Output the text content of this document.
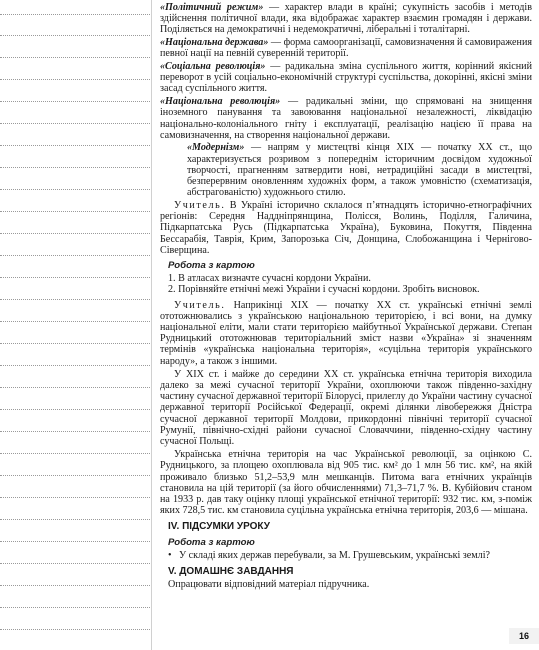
«Політичний режим» — характер влади в країні; сукупність засобів і методів здійснення політичної влади, яка відображає характер взаємин громадян і держави. Поділяється на демократичні і недемократичні, ліберальні і тоталітарні.

«Національна держава» — форма самоорганізації, самовизначення й самовиражения певної нації на певній суверенній території.

«Соціальна революція» — радикальна зміна суспільного життя, корінний якісний переворот в усій соціально-економічній структурі суспільства, докорінні, якісні зміни засад суспільного життя.

«Національна революція» — радикальні зміни, що спрямовані на знищення іноземного панування та завоювання національної незалежності, ліквідацію національно-колоніального гніту і експлуатації, реалізацію нацією її права на самовизначення, на створення національної держави.

«Модернізм» — напрям у мистецтві кінця XIX — початку XX ст., що характеризується розривом з попереднім історичним досвідом художньої творчості, прагненням затвердити нові, нетрадиційні засади в мистецтві, безперервним оновленням художніх форм, а також умовністю (схематизація, абстрагованістю) художнього стилю.

Учитель. В Україні історично склалося п’ятнадцять історично-етнографічних регіонів: Середня Наддніпрянщина, Полісся, Волинь, Поділля, Галичина, Підкарпатська Русь (Підкарпатська Україна), Буковина, Покуття, Південна Бессарабія, Таврія, Крим, Запорозька Січ, Донщина, Слобожанщина і Чернігово-Сіверщина.

Робота з картою
1. В атласах визначте сучасні кордони України.
2. Порівняйте етнічні межі України і сучасні кордони. Зробіть висновок.

Учитель. Наприкінці XIX — початку XX ст. українські етнічні землі ототожнювались з українською національною територією, і всі вони, на думку національної еліти, мали стати територією майбутньої Української держави. Степан Рудницький ототожнював територіальний зміст назви «Україна» зі значенням термінів «українська національна територія», «суцільна територія українського народу», а також з іншими.

У XIX ст. і майже до середини XX ст. українська етнічна територія виходила далеко за межі сучасної території України, охоплюючи також південно-західну частину сучасної державної території Білорусі, прилеглу до України частину сучасної державної території Російської Федерації, окремі ділянки лівобережжя Дністра сучасної державної території Молдови, прикордонні північні території сучасної Румунії, північно-східні райони сучасної Словаччини, південно-східну частину сучасної Польщі.

Українська етнічна територія на час Української революції, за оцінкою С. Рудницького, за площею охоплювала від 905 тис. км² до 1 млн 56 тис. км², на якій проживало близько 51,2–53,9 млн мешканців. Питома вага етнічних українців становила на цій території (за його обчисленнями) 71,3–71,7 %. В. Кубійович станом на 1933 р. дав таку оцінку площі української етнічної території: 932 тис. км, з-поміж яких 728,5 тис. км становила суцільна українська етнічна територія, 203,6 — мішана.

IV. ПІДСУМКИ УРОКУ
Робота з картою
• У складі яких держав перебували, за М. Грушевським, українські землі?
V. ДОМАШНЄ ЗАВДАННЯ
Опрацювати відповідний матеріал підручника.
16
